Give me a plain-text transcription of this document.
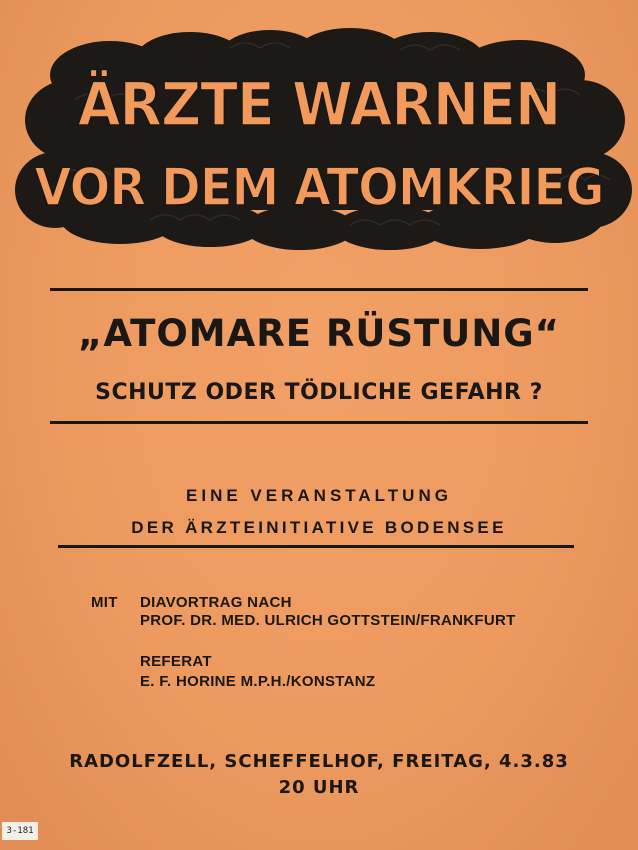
ÄRZTE WARNEN
VOR DEM ATOMKRIEG
„ATOMARE RÜSTUNG“
SCHUTZ ODER TÖDLICHE GEFAHR ?
EINE VERANSTALTUNG
DER ÄRZTEINITIATIVE BODENSEE
MIT DIAVORTRAG NACH
PROF. DR. MED. ULRICH GOTTSTEIN/FRANKFURT
REFERAT
E. F. HORINE M.P.H./KONSTANZ
RADOLFZELL, SCHEFFELHOF, FREITAG, 4.3.83
20 UHR
3-181
